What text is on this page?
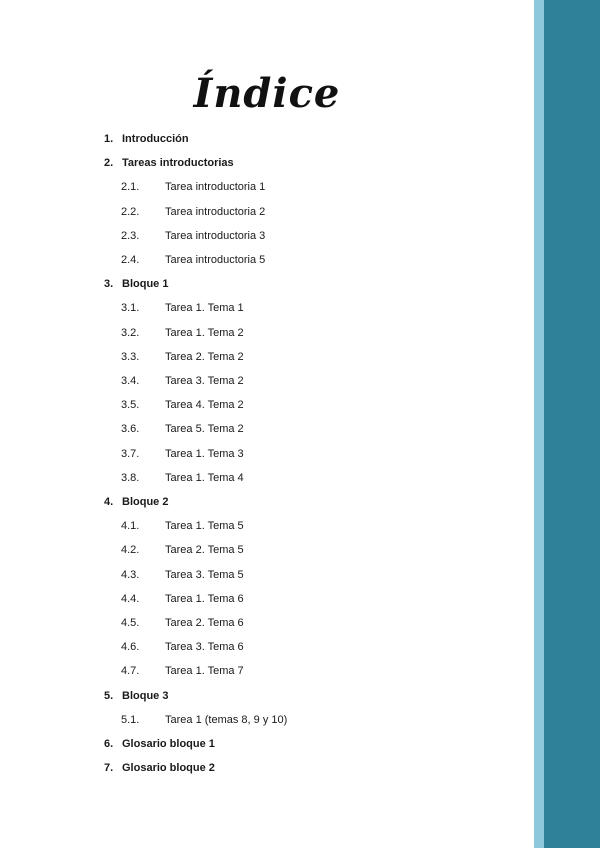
Índice
1. Introducción
2. Tareas introductorias
2.1. Tarea introductoria 1
2.2. Tarea introductoria 2
2.3. Tarea introductoria 3
2.4. Tarea introductoria 5
3. Bloque 1
3.1. Tarea 1. Tema 1
3.2. Tarea 1. Tema 2
3.3. Tarea 2. Tema 2
3.4. Tarea 3. Tema 2
3.5. Tarea 4. Tema 2
3.6. Tarea 5. Tema 2
3.7. Tarea 1. Tema 3
3.8. Tarea 1. Tema 4
4. Bloque 2
4.1. Tarea 1. Tema 5
4.2. Tarea 2. Tema 5
4.3. Tarea 3. Tema 5
4.4. Tarea 1. Tema 6
4.5. Tarea 2. Tema 6
4.6. Tarea 3. Tema 6
4.7. Tarea 1. Tema 7
5. Bloque 3
5.1. Tarea 1 (temas 8, 9 y 10)
6. Glosario bloque 1
7. Glosario bloque 2
